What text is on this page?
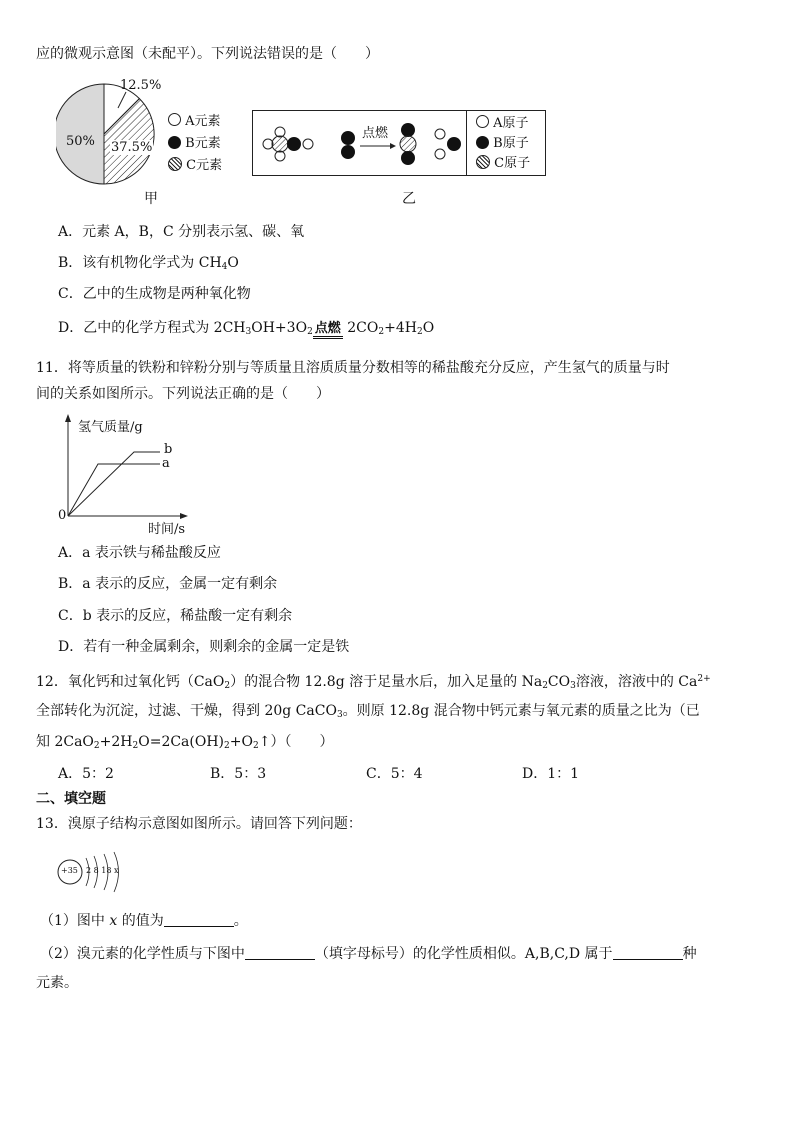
应的微观示意图（未配平）。下列说法错误的是（　　）
50%
12.5%
37.5%
A元素
B元素
C元素
甲
点燃
A原子
B原子
C原子
乙
A．元素 A，B，C 分别表示氢、碳、氧
B．该有机物化学式为 $CH_4O$
C．乙中的生成物是两种氧化物
D．乙中的化学方程式为 $2CH_3OH+3O_2$ 点燃 $2CO_2+4H_2O$
11．将等质量的铁粉和锌粉分别与等质量且溶质质量分数相等的稀盐酸充分反应，产生氢气的质量与时
间的关系如图所示。下列说法正确的是（　　）
氢气质量/g
时间/s
0
b
a
A．a 表示铁与稀盐酸反应
B．a 表示的反应，金属一定有剩余
C．b 表示的反应，稀盐酸一定有剩余
D．若有一种金属剩余，则剩余的金属一定是铁
12．氧化钙和过氧化钙（CaO$_2$）的混合物 12.8g 溶于足量水后，加入足量的 $Na_2CO_3$溶液，溶液中的 $Ca^{2+}$
全部转化为沉淀，过滤、干燥，得到 20g CaCO$_3$。则原 12.8g 混合物中钙元素与氧元素的质量之比为（已
知 $2CaO_2+2H_2O=2Ca(OH)_2+O_2↑$）（　　）
A．5：2	B．5：3	C．5：4	D．1：1
二、填空题
13．溴原子结构示意图如图所示。请回答下列问题：
+35 2 8 18 x
（1）图中 x 的值为	。
（2）溴元素的化学性质与下图中	（填字母标号）的化学性质相似。A,B,C,D 属于	种
元素。
